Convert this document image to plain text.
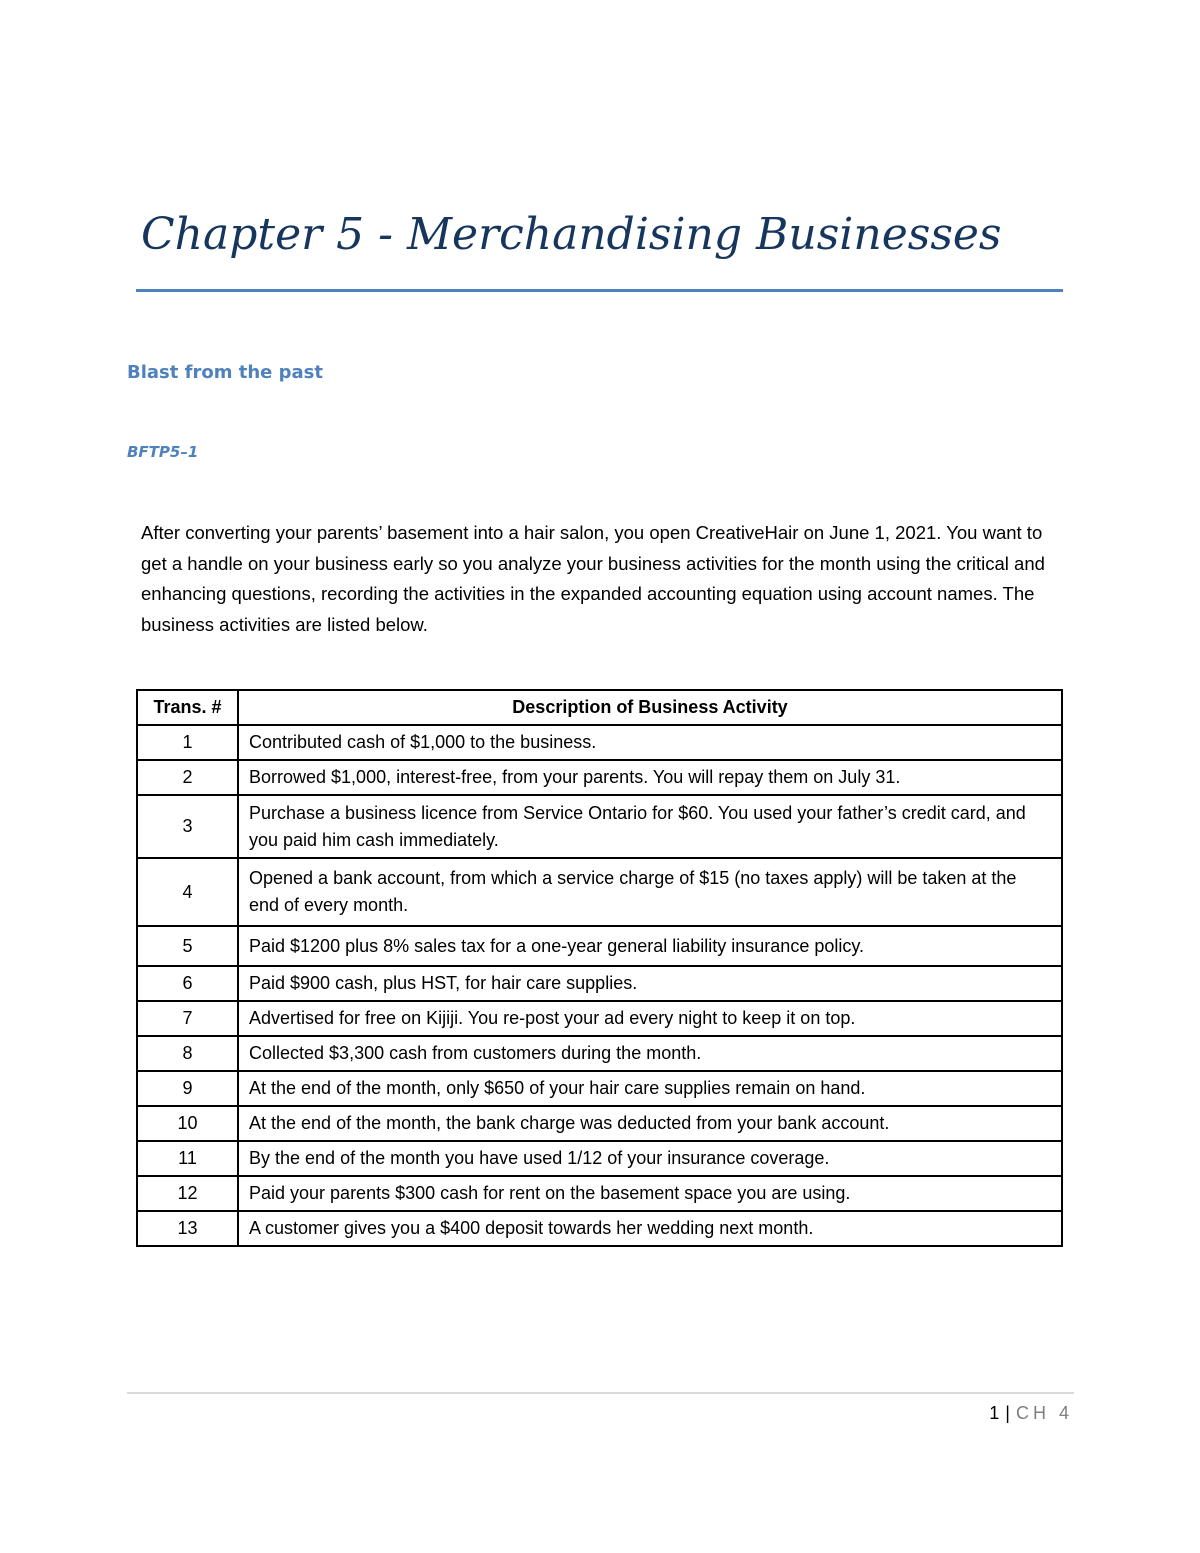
Chapter 5 - Merchandising Businesses
Blast from the past
BFTP5–1

After converting your parents’ basement into a hair salon, you open CreativeHair on June 1, 2021. You want to get a handle on your business early so you analyze your business activities for the month using the critical and enhancing questions, recording the activities in the expanded accounting equation using account names. The business activities are listed below.

Trans. #	Description of Business Activity
1	Contributed cash of $1,000 to the business.
2	Borrowed $1,000, interest-free, from your parents. You will repay them on July 31.
3	Purchase a business licence from Service Ontario for $60. You used your father’s credit card, and you paid him cash immediately.
4	Opened a bank account, from which a service charge of $15 (no taxes apply) will be taken at the end of every month.
5	Paid $1200 plus 8% sales tax for a one-year general liability insurance policy.
6	Paid $900 cash, plus HST, for hair care supplies.
7	Advertised for free on Kijiji. You re-post your ad every night to keep it on top.
8	Collected $3,300 cash from customers during the month.
9	At the end of the month, only $650 of your hair care supplies remain on hand.
10	At the end of the month, the bank charge was deducted from your bank account.
11	By the end of the month you have used 1/12 of your insurance coverage.
12	Paid your parents $300 cash for rent on the basement space you are using.
13	A customer gives you a $400 deposit towards her wedding next month.
1 | CH 4
